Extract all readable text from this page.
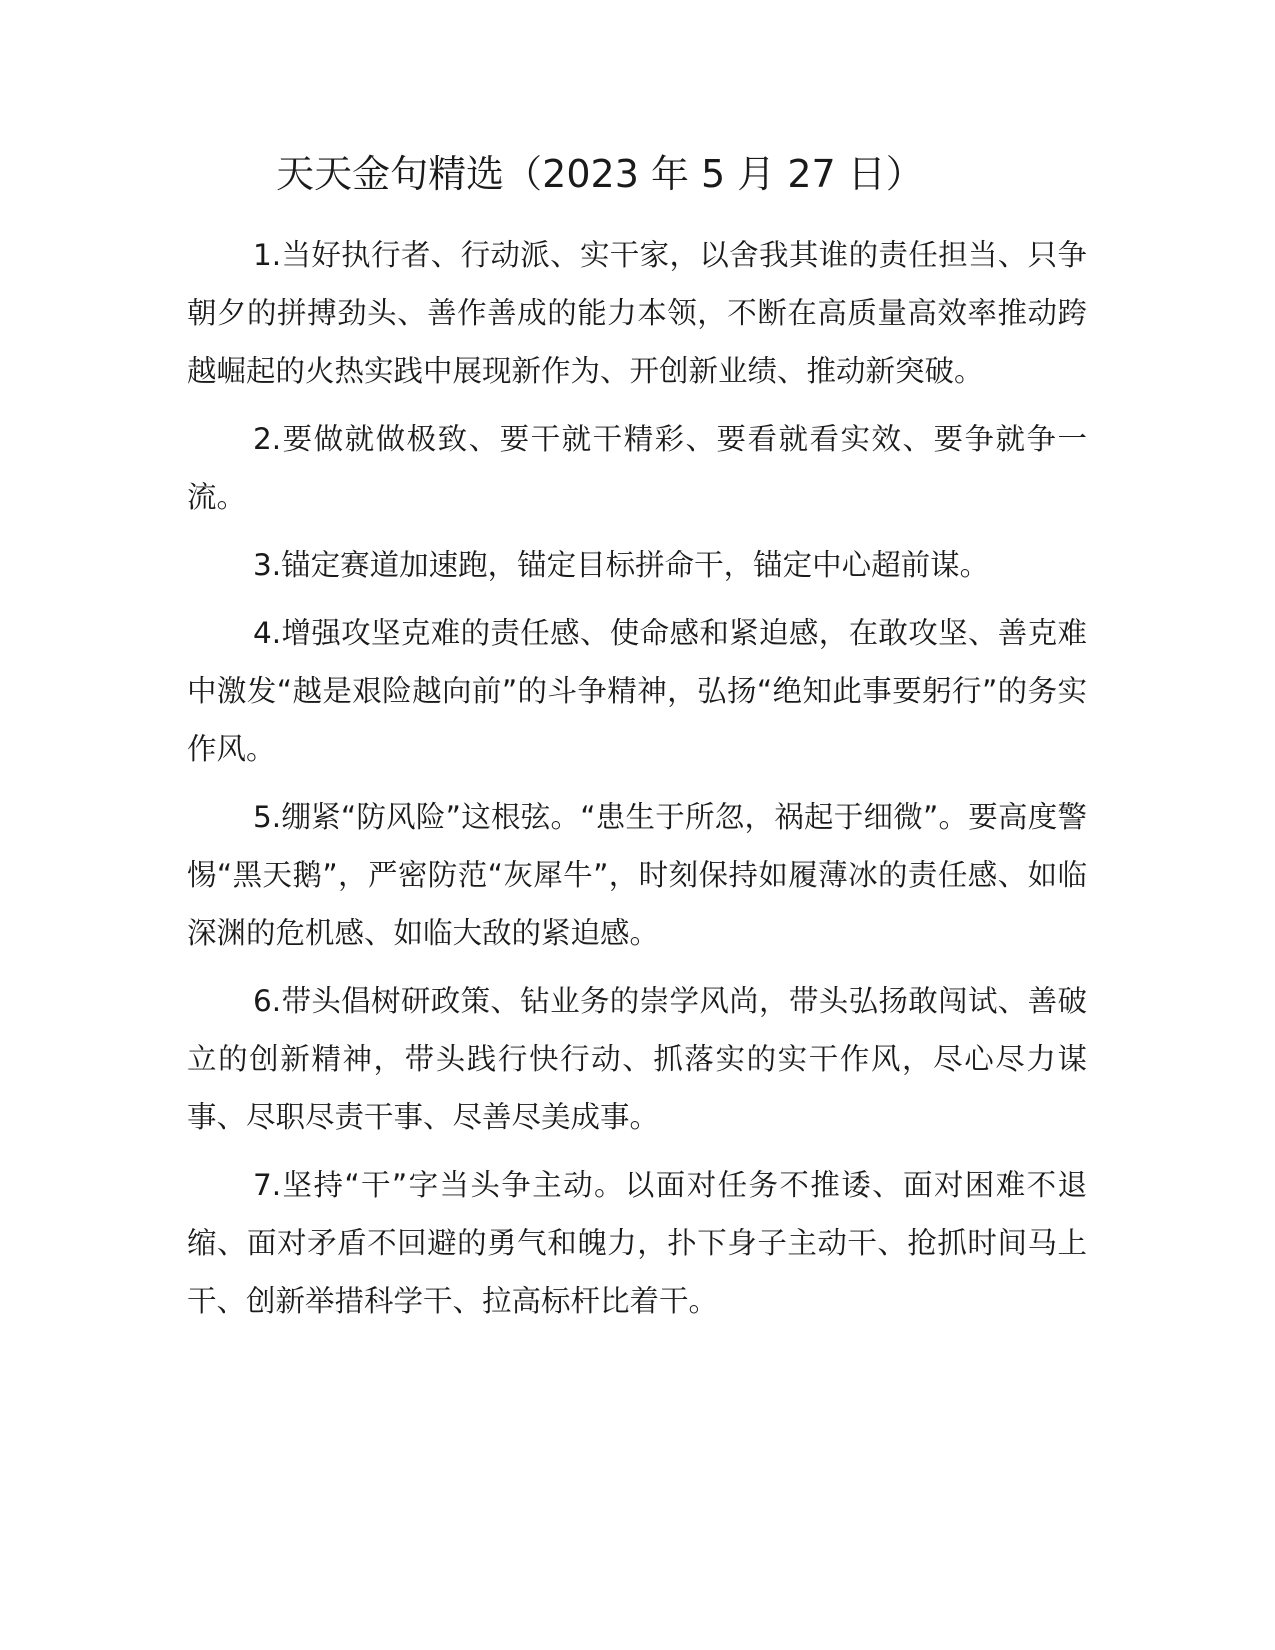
天天金句精选（2023 年 5 月 27 日）

1.当好执行者、行动派、实干家，以舍我其谁的责任担当、只争朝夕的拼搏劲头、善作善成的能力本领，不断在高质量高效率推动跨越崛起的火热实践中展现新作为、开创新业绩、推动新突破。

2.要做就做极致、要干就干精彩、要看就看实效、要争就争一流。

3.锚定赛道加速跑，锚定目标拼命干，锚定中心超前谋。

4.增强攻坚克难的责任感、使命感和紧迫感，在敢攻坚、善克难中激发“越是艰险越向前”的斗争精神，弘扬“绝知此事要躬行”的务实作风。

5.绷紧“防风险”这根弦。“患生于所忽，祸起于细微”。要高度警惕“黑天鹅”，严密防范“灰犀牛”，时刻保持如履薄冰的责任感、如临深渊的危机感、如临大敌的紧迫感。

6.带头倡树研政策、钻业务的崇学风尚，带头弘扬敢闯试、善破立的创新精神，带头践行快行动、抓落实的实干作风，尽心尽力谋事、尽职尽责干事、尽善尽美成事。

7.坚持“干”字当头争主动。以面对任务不推诿、面对困难不退缩、面对矛盾不回避的勇气和魄力，扑下身子主动干、抢抓时间马上干、创新举措科学干、拉高标杆比着干。
